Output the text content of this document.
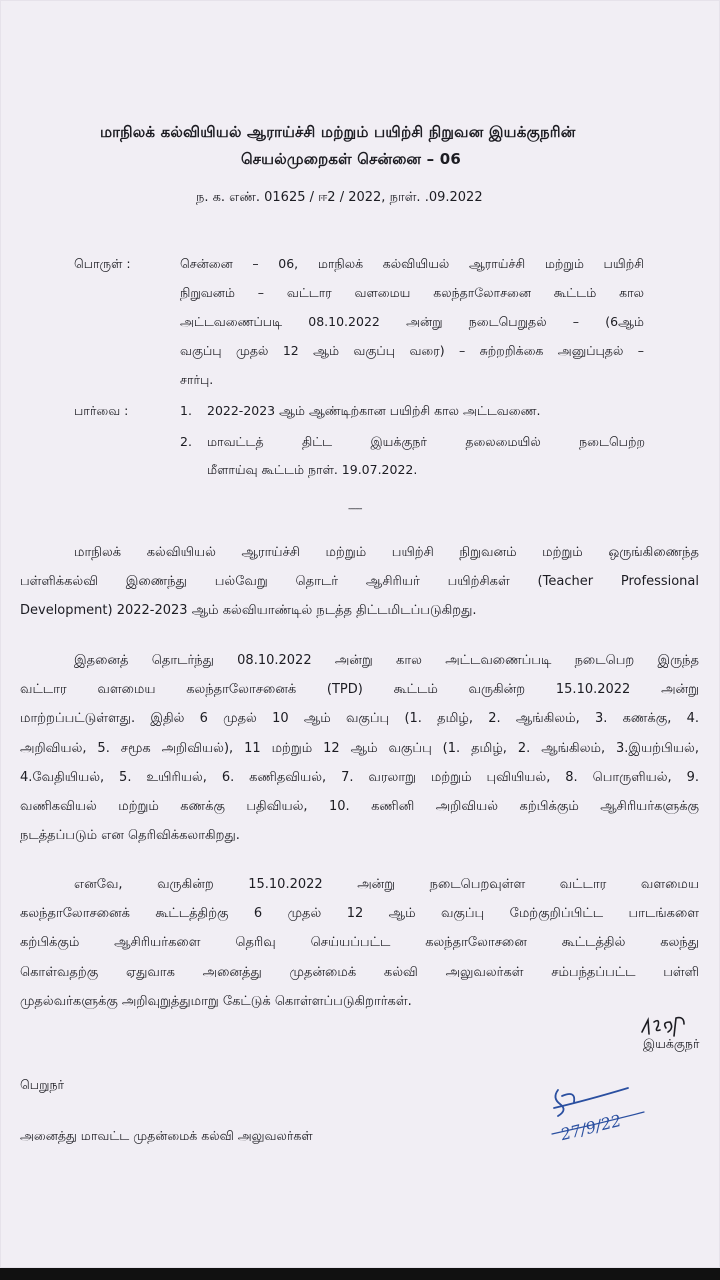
மாநிலக் கல்வியியல் ஆராய்ச்சி மற்றும் பயிற்சி நிறுவன இயக்குநரின்
செயல்முறைகள் சென்னை – 06
ந. க. எண். 01625 / ஈ2 / 2022, நாள். .09.2022
பொருள் :	சென்னை – 06, மாநிலக் கல்வியியல் ஆராய்ச்சி மற்றும் பயிற்சி
நிறுவனம் – வட்டார வளமைய கலந்தாலோசனை கூட்டம் கால
அட்டவணைப்படி 08.10.2022 அன்று நடைபெறுதல் – (6ஆம்
வகுப்பு முதல் 12 ஆம் வகுப்பு வரை) – சுற்றறிக்கை அனுப்புதல் –
சார்பு.
பார்வை :	1. 2022-2023 ஆம் ஆண்டிற்கான பயிற்சி கால அட்டவணை.
2. மாவட்டத் திட்ட இயக்குநர் தலைமையில் நடைபெற்ற
மீளாய்வு கூட்டம் நாள். 19.07.2022.
------
மாநிலக் கல்வியியல் ஆராய்ச்சி மற்றும் பயிற்சி நிறுவனம் மற்றும் ஒருங்கிணைந்த
பள்ளிக்கல்வி இணைந்து பல்வேறு தொடர் ஆசிரியர் பயிற்சிகள் (Teacher Professional
Development) 2022-2023 ஆம் கல்வியாண்டில் நடத்த திட்டமிடப்படுகிறது.
இதனைத் தொடர்ந்து 08.10.2022 அன்று கால அட்டவணைப்படி நடைபெற இருந்த
வட்டார வளமைய கலந்தாலோசனைக் (TPD) கூட்டம் வருகின்ற 15.10.2022 அன்று
மாற்றப்பட்டுள்ளது. இதில் 6 முதல் 10 ஆம் வகுப்பு (1. தமிழ், 2. ஆங்கிலம், 3. கணக்கு, 4.
அறிவியல், 5. சமூக அறிவியல்), 11 மற்றும் 12 ஆம் வகுப்பு (1. தமிழ், 2. ஆங்கிலம், 3.இயற்பியல்,
4.வேதியியல், 5. உயிரியல், 6. கணிதவியல், 7. வரலாறு மற்றும் புவியியல், 8. பொருளியல், 9.
வணிகவியல் மற்றும் கணக்கு பதிவியல், 10. கணினி அறிவியல் கற்பிக்கும் ஆசிரியர்களுக்கு
நடத்தப்படும் என தெரிவிக்கலாகிறது.
எனவே, வருகின்ற 15.10.2022 அன்று நடைபெறவுள்ள வட்டார வளமைய
கலந்தாலோசனைக் கூட்டத்திற்கு 6 முதல் 12 ஆம் வகுப்பு மேற்குறிப்பிட்ட பாடங்களை
கற்பிக்கும் ஆசிரியர்களை தெரிவு செய்யப்பட்ட கலந்தாலோசனை கூட்டத்தில் கலந்து
கொள்வதற்கு ஏதுவாக அனைத்து முதன்மைக் கல்வி அலுவலர்கள் சம்பந்தப்பட்ட பள்ளி
முதல்வர்களுக்கு அறிவுறுத்துமாறு கேட்டுக் கொள்ளப்படுகிறார்கள்.
இயக்குநர்
பெறுநர்
அனைத்து மாவட்ட முதன்மைக் கல்வி அலுவலர்கள்	27/9/22
